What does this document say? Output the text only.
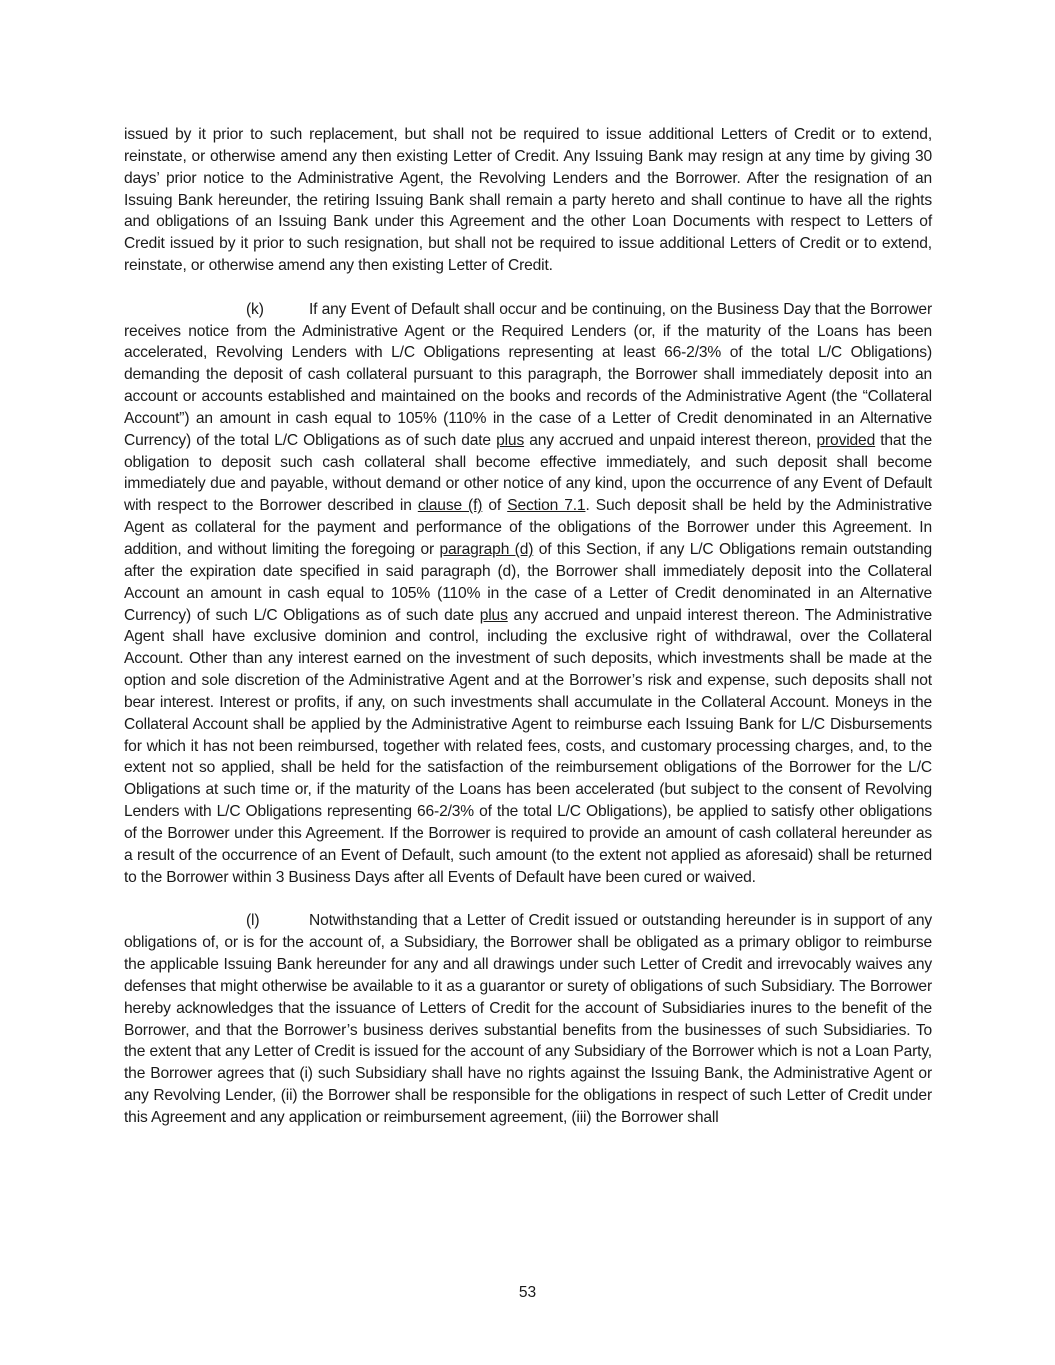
issued by it prior to such replacement, but shall not be required to issue additional Letters of Credit or to extend, reinstate, or otherwise amend any then existing Letter of Credit. Any Issuing Bank may resign at any time by giving 30 days’ prior notice to the Administrative Agent, the Revolving Lenders and the Borrower. After the resignation of an Issuing Bank hereunder, the retiring Issuing Bank shall remain a party hereto and shall continue to have all the rights and obligations of an Issuing Bank under this Agreement and the other Loan Documents with respect to Letters of Credit issued by it prior to such resignation, but shall not be required to issue additional Letters of Credit or to extend, reinstate, or otherwise amend any then existing Letter of Credit.

(k)	If any Event of Default shall occur and be continuing, on the Business Day that the Borrower receives notice from the Administrative Agent or the Required Lenders (or, if the maturity of the Loans has been accelerated, Revolving Lenders with L/C Obligations representing at least 66-2/3% of the total L/C Obligations) demanding the deposit of cash collateral pursuant to this paragraph, the Borrower shall immediately deposit into an account or accounts established and maintained on the books and records of the Administrative Agent (the “Collateral Account”) an amount in cash equal to 105% (110% in the case of a Letter of Credit denominated in an Alternative Currency) of the total L/C Obligations as of such date plus any accrued and unpaid interest thereon, provided that the obligation to deposit such cash collateral shall become effective immediately, and such deposit shall become immediately due and payable, without demand or other notice of any kind, upon the occurrence of any Event of Default with respect to the Borrower described in clause (f) of Section 7.1. Such deposit shall be held by the Administrative Agent as collateral for the payment and performance of the obligations of the Borrower under this Agreement. In addition, and without limiting the foregoing or paragraph (d) of this Section, if any L/C Obligations remain outstanding after the expiration date specified in said paragraph (d), the Borrower shall immediately deposit into the Collateral Account an amount in cash equal to 105% (110% in the case of a Letter of Credit denominated in an Alternative Currency) of such L/C Obligations as of such date plus any accrued and unpaid interest thereon. The Administrative Agent shall have exclusive dominion and control, including the exclusive right of withdrawal, over the Collateral Account. Other than any interest earned on the investment of such deposits, which investments shall be made at the option and sole discretion of the Administrative Agent and at the Borrower’s risk and expense, such deposits shall not bear interest. Interest or profits, if any, on such investments shall accumulate in the Collateral Account. Moneys in the Collateral Account shall be applied by the Administrative Agent to reimburse each Issuing Bank for L/C Disbursements for which it has not been reimbursed, together with related fees, costs, and customary processing charges, and, to the extent not so applied, shall be held for the satisfaction of the reimbursement obligations of the Borrower for the L/C Obligations at such time or, if the maturity of the Loans has been accelerated (but subject to the consent of Revolving Lenders with L/C Obligations representing 66-2/3% of the total L/C Obligations), be applied to satisfy other obligations of the Borrower under this Agreement. If the Borrower is required to provide an amount of cash collateral hereunder as a result of the occurrence of an Event of Default, such amount (to the extent not applied as aforesaid) shall be returned to the Borrower within 3 Business Days after all Events of Default have been cured or waived.

(l)	Notwithstanding that a Letter of Credit issued or outstanding hereunder is in support of any obligations of, or is for the account of, a Subsidiary, the Borrower shall be obligated as a primary obligor to reimburse the applicable Issuing Bank hereunder for any and all drawings under such Letter of Credit and irrevocably waives any defenses that might otherwise be available to it as a guarantor or surety of obligations of such Subsidiary. The Borrower hereby acknowledges that the issuance of Letters of Credit for the account of Subsidiaries inures to the benefit of the Borrower, and that the Borrower’s business derives substantial benefits from the businesses of such Subsidiaries. To the extent that any Letter of Credit is issued for the account of any Subsidiary of the Borrower which is not a Loan Party, the Borrower agrees that (i) such Subsidiary shall have no rights against the Issuing Bank, the Administrative Agent or any Revolving Lender, (ii) the Borrower shall be responsible for the obligations in respect of such Letter of Credit under this Agreement and any application or reimbursement agreement, (iii) the Borrower shall

53
